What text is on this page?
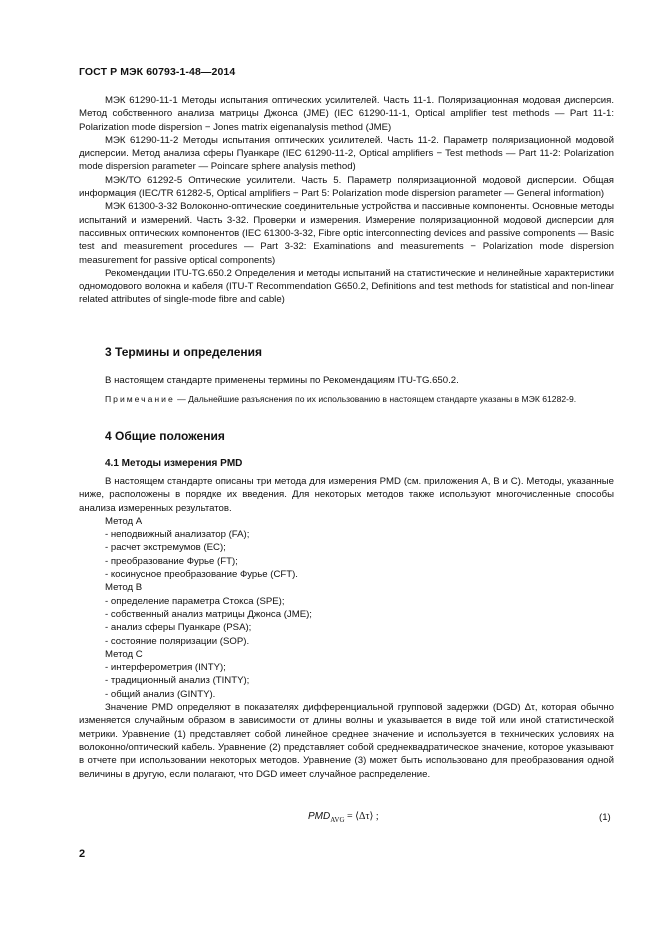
ГОСТ Р МЭК 60793-1-48—2014

МЭК 61290-11-1 Методы испытания оптических усилителей. Часть 11-1. Поляризационная модовая дисперсия. Метод собственного анализа матрицы Джонса (JME) (IEC 61290-11-1, Optical amplifier test methods — Part 11-1: Polarization mode dispersion − Jones matrix eigenanalysis method (JME)

МЭК 61290-11-2 Методы испытания оптических усилителей. Часть 11-2. Параметр поляризационной модовой дисперсии. Метод анализа сферы Пуанкаре (IEC 61290-11-2, Optical amplifiers − Test methods — Part 11-2: Polarization mode dispersion parameter — Poincare sphere analysis method)

МЭК/ТО 61292-5 Оптические усилители. Часть 5. Параметр поляризационной модовой дисперсии. Общая информация (IEC/TR 61282-5, Optical amplifiers − Part 5: Polarization mode dispersion parameter — General information)

МЭК 61300-3-32 Волоконно-оптические соединительные устройства и пассивные компоненты. Основные методы испытаний и измерений. Часть 3-32. Проверки и измерения. Измерение поляризационной модовой дисперсии для пассивных оптических компонентов (IEC 61300-3-32, Fibre optic interconnecting devices and passive components — Basic test and measurement procedures — Part 3-32: Examinations and measurements − Polarization mode dispersion measurement for passive optical components)

Рекомендации ITU-TG.650.2 Определения и методы испытаний на статистические и нелинейные характеристики одномодового волокна и кабеля (ITU-T Recommendation G650.2, Definitions and test methods for statistical and non-linear related attributes of single-mode fibre and cable)

3 Термины и определения

В настоящем стандарте применены термины по Рекомендациям ITU-TG.650.2.

Примечание — Дальнейшие разъяснения по их использованию в настоящем стандарте указаны в МЭК 61282-9.

4 Общие положения
4.1 Методы измерения PMD

В настоящем стандарте описаны три метода для измерения PMD (см. приложения А, В и С). Методы, указанные ниже, расположены в порядке их введения. Для некоторых методов также используют многочисленные способы анализа измеренных результатов.

Метод А

- неподвижный анализатор (FA);

- расчет экстремумов (EC);

- преобразование Фурье (FT);

- косинусное преобразование Фурье (CFT).

Метод В

- определение параметра Стокса (SPE);

- собственный анализ матрицы Джонса (JME);

- анализ сферы Пуанкаре (PSA);

- состояние поляризации (SOP).

Метод С

- интерферометрия (INTY);

- традиционный анализ (TINTY);

- общий анализ (GINTY).

Значение PMD определяют в показателях дифференциальной групповой задержки (DGD) Δτ, которая обычно изменяется случайным образом в зависимости от длины волны и указывается в виде той или иной статистической метрики. Уравнение (1) представляет собой линейное среднее значение и используется в технических условиях на волоконно/оптический кабель. Уравнение (2) представляет собой среднеквадратическое значение, которое указывают в отчете при использовании некоторых методов. Уравнение (3) может быть использовано для преобразования одной величины в другую, если полагают, что DGD имеет случайное распределение.

$PMD_{AVG}$ = ⟨Δτ⟩ ;	(1)
2
